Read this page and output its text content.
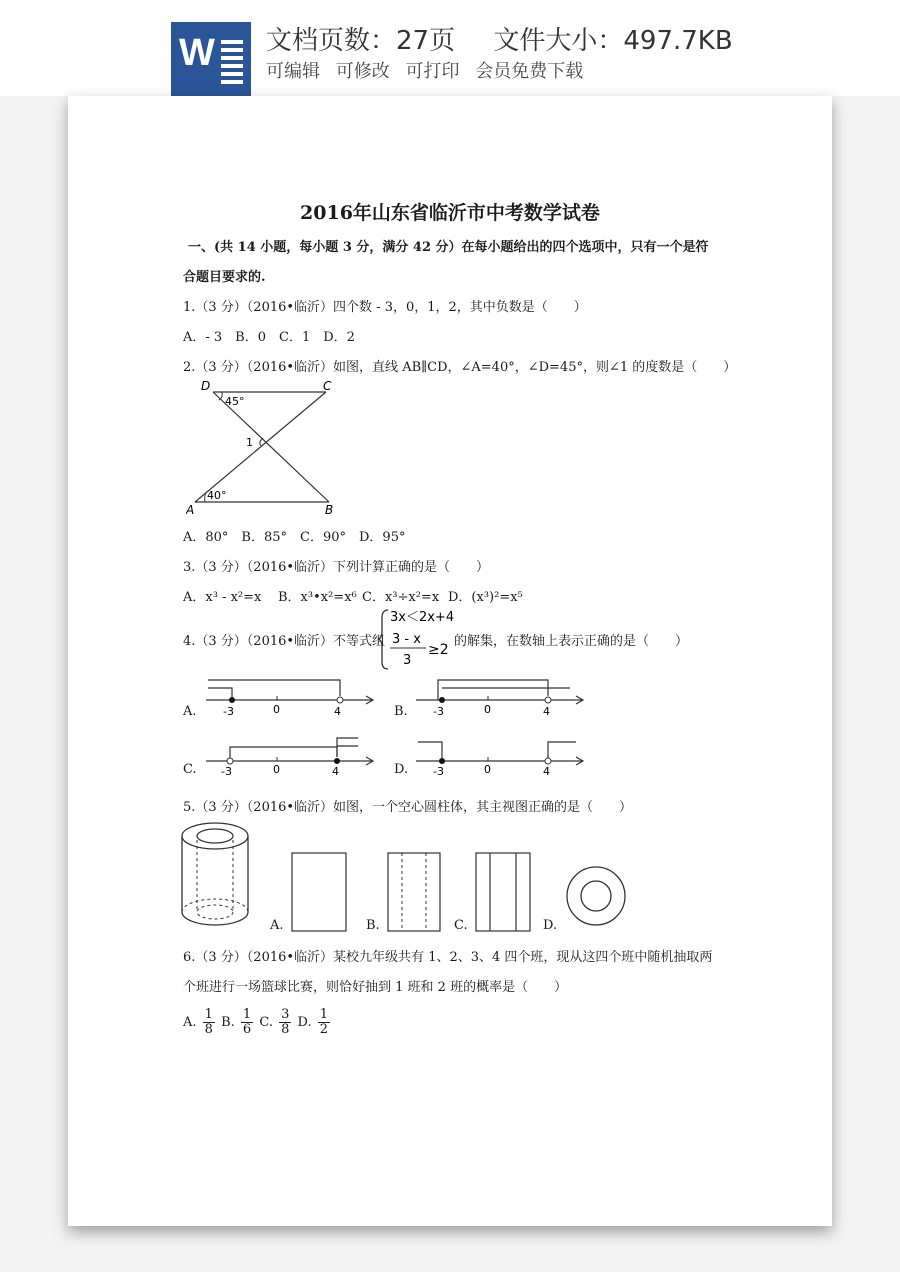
W 文档页数：27页 文件大小：497.7KB
可编辑 可修改 可打印 会员免费下载
2016年山东省临沂市中考数学试卷
一、(共 14 小题，每小题 3 分，满分 42 分）在每小题给出的四个选项中，只有一个是符
合题目要求的.
1.（3 分）（2016•临沂）四个数 - 3，0，1，2，其中负数是（　　）
A．- 3　B．0　C．1　D．2
2.（3 分）（2016•临沂）如图，直线 AB∥CD，∠A=40°，∠D=45°，则∠1 的度数是（　　）
D	C
A	B
45°
40°
1
A．80°　B．85°　C．90°　D．95°
3.（3 分）（2016•临沂）下列计算正确的是（　　）
A．x³ - x²=x B．x³•x²=x⁶ C．x³÷x²=x D．(x³)²=x⁵
4.（3 分）（2016•临沂）不等式组
3x＜2x+4
3 - x
3
≥2
的解集，在数轴上表示正确的是（　　）
A. -3	0	4	B. -3	0	4
C. -3	0	4	D. -3	0	4
5.（3 分）（2016•临沂）如图，一个空心圆柱体，其主视图正确的是（　　）
A.	B.	C.	D.
6.（3 分）（2016•临沂）某校九年级共有 1、2、3、4 四个班，现从这四个班中随机抽取两
个班进行一场篮球比赛，则恰好抽到 1 班和 2 班的概率是（　　）
A. $\frac{1}{8} B$. $\frac{1}{6} C$. $\frac{3}{8} D$. $\frac{1}{2}$
